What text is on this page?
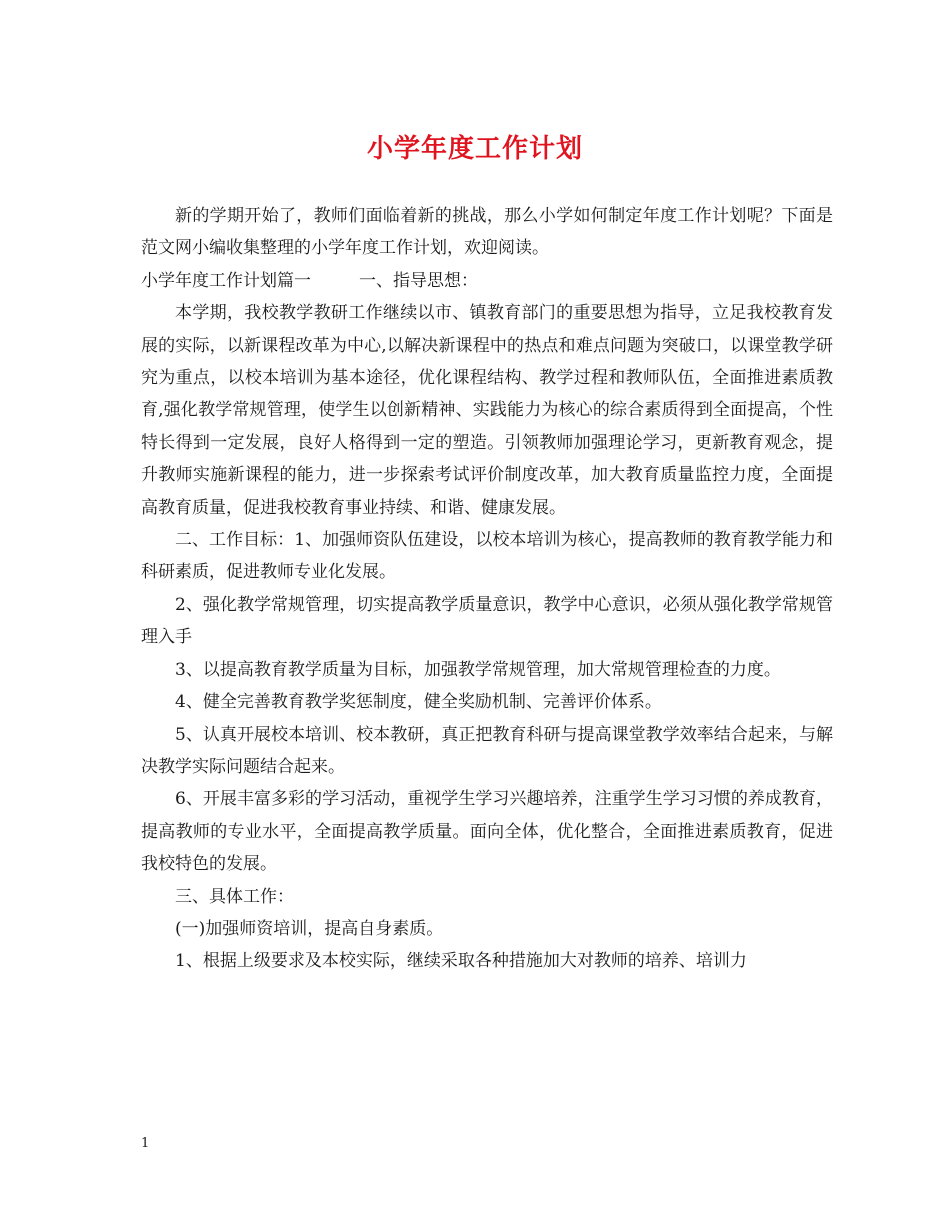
小学年度工作计划

新的学期开始了，教师们面临着新的挑战，那么小学如何制定年度工作计划呢？下面是范文网小编收集整理的小学年度工作计划，欢迎阅读。

小学年度工作计划篇一	一、指导思想：

本学期，我校教学教研工作继续以市、镇教育部门的重要思想为指导，立足我校教育发展的实际，以新课程改革为中心,以解决新课程中的热点和难点问题为突破口，以课堂教学研究为重点，以校本培训为基本途径，优化课程结构、教学过程和教师队伍，全面推进素质教育,强化教学常规管理，使学生以创新精神、实践能力为核心的综合素质得到全面提高，个性特长得到一定发展，良好人格得到一定的塑造。引领教师加强理论学习，更新教育观念，提升教师实施新课程的能力，进一步探索考试评价制度改革，加大教育质量监控力度，全面提高教育质量，促进我校教育事业持续、和谐、健康发展。

二、工作目标：1、加强师资队伍建设，以校本培训为核心，提高教师的教育教学能力和科研素质，促进教师专业化发展。

2、强化教学常规管理，切实提高教学质量意识，教学中心意识，必须从强化教学常规管理入手

3、以提高教育教学质量为目标，加强教学常规管理，加大常规管理检查的力度。

4、健全完善教育教学奖惩制度，健全奖励机制、完善评价体系。

5、认真开展校本培训、校本教研，真正把教育科研与提高课堂教学效率结合起来，与解决教学实际问题结合起来。

6、开展丰富多彩的学习活动，重视学生学习兴趣培养，注重学生学习习惯的养成教育，提高教师的专业水平，全面提高教学质量。面向全体，优化整合，全面推进素质教育，促进我校特色的发展。

三、具体工作：

(一)加强师资培训，提高自身素质。

1、根据上级要求及本校实际，继续采取各种措施加大对教师的培养、培训力

1
